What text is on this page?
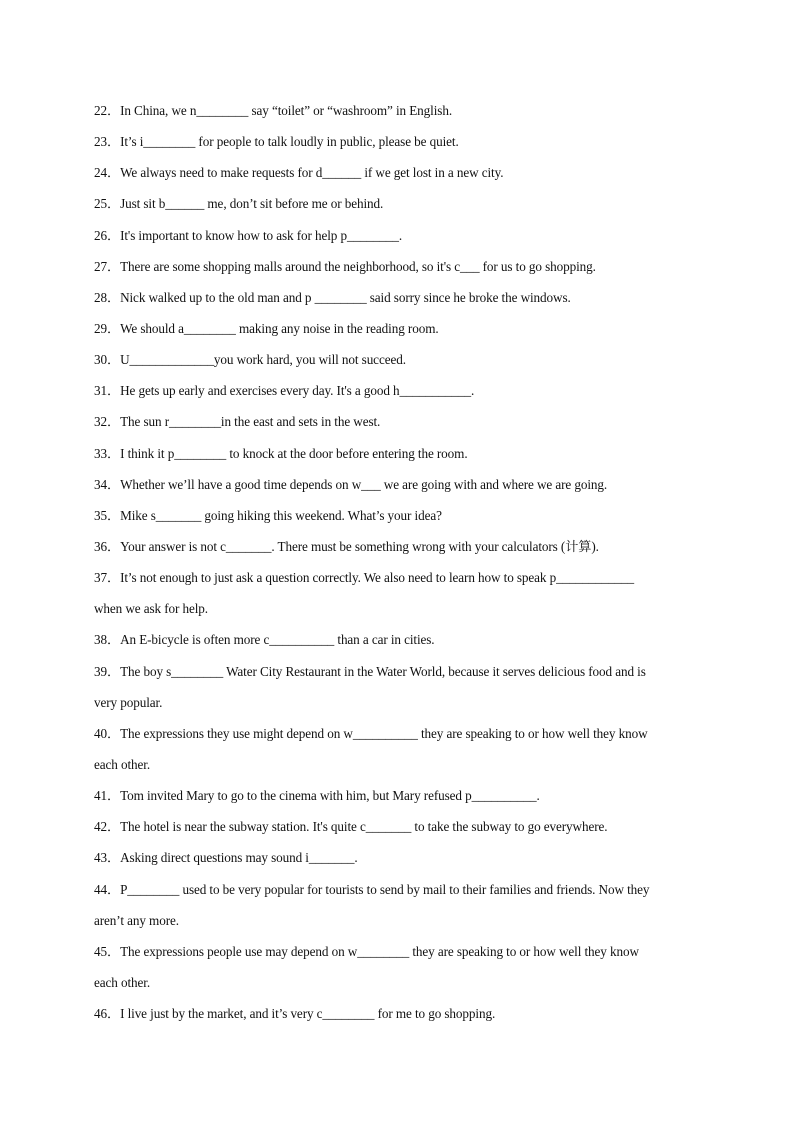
22．In China, we n________ say “toilet” or “washroom” in English.
23．It’s i________ for people to talk loudly in public, please be quiet.
24．We always need to make requests for d______ if we get lost in a new city.
25．Just sit b______ me, don’t sit before me or behind.
26．It's important to know how to ask for help p________.
27．There are some shopping malls around the neighborhood, so it's c___ for us to go shopping.
28．Nick walked up to the old man and p ________ said sorry since he broke the windows.
29．We should a________ making any noise in the reading room.
30．U_____________you work hard, you will not succeed.
31．He gets up early and exercises every day. It's a good h___________.
32．The sun r________in the east and sets in the west.
33．I think it p________ to knock at the door before entering the room.
34．Whether we’ll have a good time depends on w___ we are going with and where we are going.
35．Mike s_______ going hiking this weekend. What’s your idea?
36．Your answer is not c_______. There must be something wrong with your calculators (计算).
37．It’s not enough to just ask a question correctly. We also need to learn how to speak p____________
when we ask for help.
38．An E-bicycle is often more c__________ than a car in cities.
39．The boy s________ Water City Restaurant in the Water World, because it serves delicious food and is
very popular.
40．The expressions they use might depend on w__________ they are speaking to or how well they know
each other.
41．Tom invited Mary to go to the cinema with him, but Mary refused p__________.
42．The hotel is near the subway station. It's quite c_______ to take the subway to go everywhere.
43．Asking direct questions may sound i_______.
44．P________ used to be very popular for tourists to send by mail to their families and friends. Now they
aren’t any more.
45．The expressions people use may depend on w________ they are speaking to or how well they know
each other.
46．I live just by the market, and it’s very c________ for me to go shopping.
